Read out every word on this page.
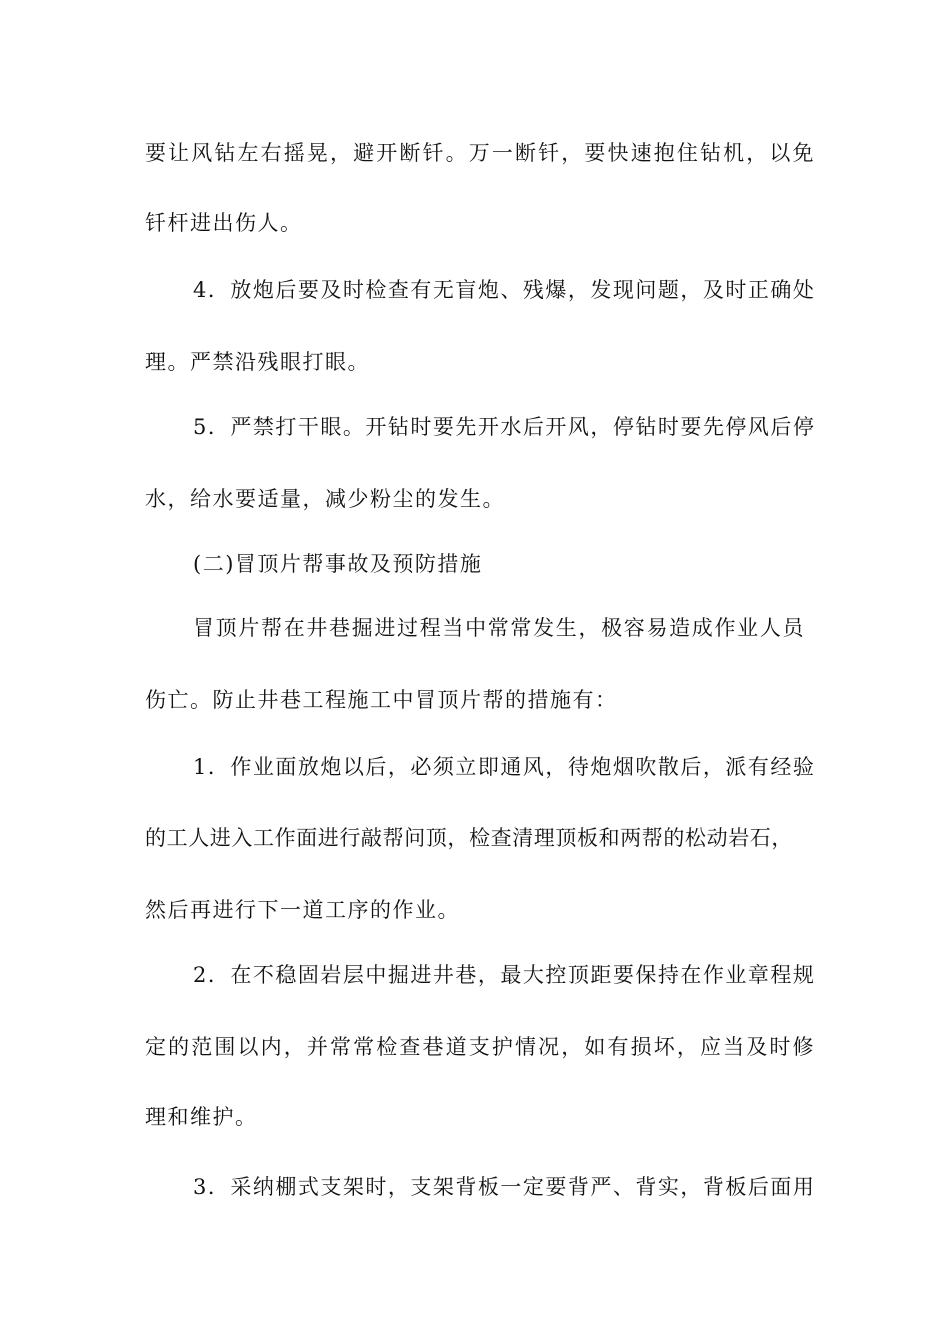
要让风钻左右摇晃，避开断钎。万一断钎，要快速抱住钻机，以免
钎杆进出伤人。
4．放炮后要及时检查有无盲炮、残爆，发现问题，及时正确处
理。严禁沿残眼打眼。
5．严禁打干眼。开钻时要先开水后开风，停钻时要先停风后停
水，给水要适量，减少粉尘的发生。
(二)冒顶片帮事故及预防措施
冒顶片帮在井巷掘进过程当中常常发生，极容易造成作业人员
伤亡。防止井巷工程施工中冒顶片帮的措施有：
1．作业面放炮以后，必须立即通风，待炮烟吹散后，派有经验
的工人进入工作面进行敲帮问顶，检查清理顶板和两帮的松动岩石，
然后再进行下一道工序的作业。
2．在不稳固岩层中掘进井巷，最大控顶距要保持在作业章程规
定的范围以内，并常常检查巷道支护情况，如有损坏，应当及时修
理和维护。
3．采纳棚式支架时，支架背板一定要背严、背实，背板后面用
